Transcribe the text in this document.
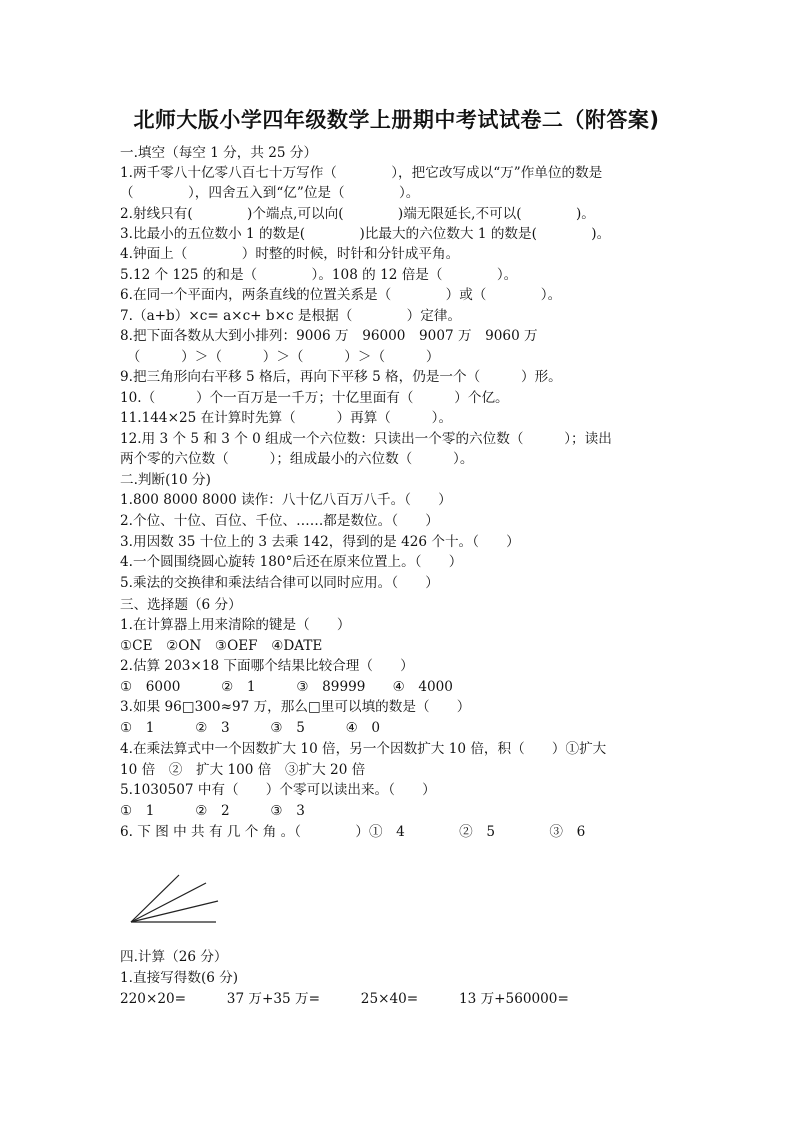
北师大版小学四年级数学上册期中考试试卷二（附答案)
一.填空（每空 1 分，共 25 分）
1.两千零八十亿零八百七十万写作（　　　　），把它改写成以“万”作单位的数是
（　　　　），四舍五入到“亿”位是（　　　　）。
2.射线只有(　　　　)个端点,可以向(　　　　)端无限延长,不可以(　　　　)。
3.比最小的五位数小 1 的数是(　　　　)比最大的六位数大 1 的数是(　　　　)。
4.钟面上（　　　　）时整的时候，时针和分针成平角。
5.12 个 125 的和是（　　　　）。108 的 12 倍是（　　　　）。
6.在同一个平面内，两条直线的位置关系是（　　　　）或（　　　　）。
7.（a+b）×c= a×c+ b×c 是根据（　　　　）定律。
8.把下面各数从大到小排列：9006 万　96000　9007 万　9060 万
　（　　　）＞（　　　）＞（　　　）＞（　　　）
9.把三角形向右平移 5 格后，再向下平移 5 格，仍是一个（　　　）形。
10.（　　　）个一百万是一千万；十亿里面有（　　　）个亿。
11.144×25 在计算时先算（　　　）再算（　　　）。
12.用 3 个 5 和 3 个 0 组成一个六位数：只读出一个零的六位数（　　　）；读出
两个零的六位数（　　　）；组成最小的六位数（　　　）。
二.判断(10 分)
1.800 8000 8000 读作：八十亿八百万八千。（　　）
2.个位、十位、百位、千位、……都是数位。（　　）
3.用因数 35 十位上的 3 去乘 142，得到的是 426 个十。（　　）
4.一个圆围绕圆心旋转 180°后还在原来位置上。（　　）
5.乘法的交换律和乘法结合律可以同时应用。（　　）
三、选择题（6 分）
1.在计算器上用来清除的键是（　　）
①CE　②ON　③OEF　④DATE
2.估算 203×18 下面哪个结果比较合理（　　）
①　6000　　　②　1　　　③　89999　　④　4000
3.如果 96□300≈97 万，那么□里可以填的数是（　　）
①　1　　　②　3　　　③　5　　　④　0
4.在乘法算式中一个因数扩大 10 倍，另一个因数扩大 10 倍，积（　　）①扩大
10 倍　②　扩大 100 倍　③扩大 20 倍
5.1030507 中有（　　）个零可以读出来。（　　）
①　1　　　②　2　　　③　3
6. 下 图 中 共 有 几 个 角 。（　　　　）①　4　　　　②　5　　　　③　6
四.计算（26 分）
1.直接写得数(6 分)
220×20=　　　37 万+35 万=　　　25×40=　　　13 万+560000=
